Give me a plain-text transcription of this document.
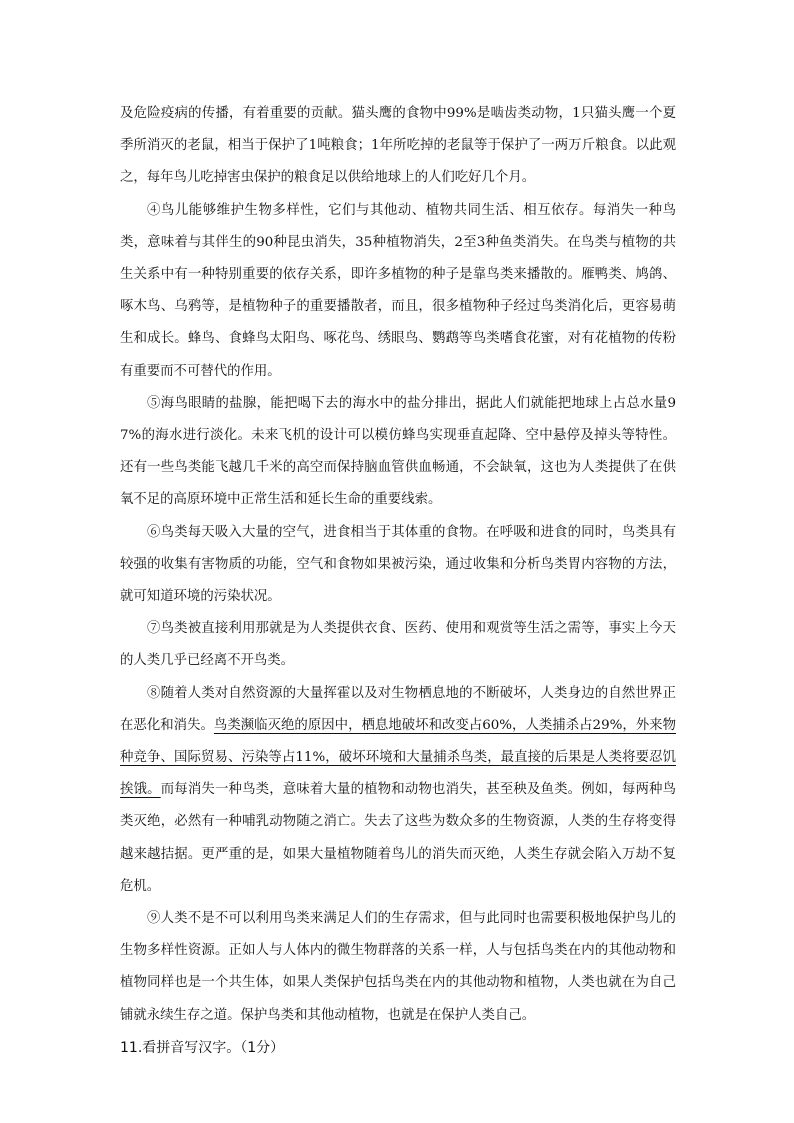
及危险疫病的传播，有着重要的贡献。猫头鹰的食物中99%是啮齿类动物，1只猫头鹰一个夏季所消灭的老鼠，相当于保护了1吨粮食；1年所吃掉的老鼠等于保护了一两万斤粮食。以此观之，每年鸟儿吃掉害虫保护的粮食足以供给地球上的人们吃好几个月。

④鸟儿能够维护生物多样性，它们与其他动、植物共同生活、相互依存。每消失一种鸟类，意味着与其伴生的90种昆虫消失，35种植物消失，2至3种鱼类消失。在鸟类与植物的共生关系中有一种特别重要的依存关系，即许多植物的种子是靠鸟类来播散的。雁鸭类、鸠鸽、啄木鸟、乌鸦等，是植物种子的重要播散者，而且，很多植物种子经过鸟类消化后，更容易萌生和成长。蜂鸟、食蜂鸟太阳鸟、啄花鸟、绣眼鸟、鹦鹉等鸟类嗜食花蜜，对有花植物的传粉有重要而不可替代的作用。

⑤海鸟眼睛的盐腺，能把喝下去的海水中的盐分排出，据此人们就能把地球上占总水量97%的海水进行淡化。未来飞机的设计可以模仿蜂鸟实现垂直起降、空中悬停及掉头等特性。还有一些鸟类能飞越几千米的高空而保持脑血管供血畅通，不会缺氧，这也为人类提供了在供氧不足的高原环境中正常生活和延长生命的重要线索。

⑥鸟类每天吸入大量的空气，进食相当于其体重的食物。在呼吸和进食的同时，鸟类具有较强的收集有害物质的功能，空气和食物如果被污染，通过收集和分析鸟类胃内容物的方法，就可知道环境的污染状况。

⑦鸟类被直接利用那就是为人类提供衣食、医药、使用和观赏等生活之需等，事实上今天的人类几乎已经离不开鸟类。

⑧随着人类对自然资源的大量挥霍以及对生物栖息地的不断破坏，人类身边的自然世界正在恶化和消失。鸟类濒临灭绝的原因中，栖息地破坏和改变占60%，人类捕杀占29%，外来物种竞争、国际贸易、污染等占11%，破坏环境和大量捕杀鸟类，最直接的后果是人类将要忍饥挨饿。而每消失一种鸟类，意味着大量的植物和动物也消失，甚至秧及鱼类。例如，每两种鸟类灭绝，必然有一种哺乳动物随之消亡。失去了这些为数众多的生物资源，人类的生存将变得越来越拮据。更严重的是，如果大量植物随着鸟儿的消失而灭绝，人类生存就会陷入万劫不复危机。

⑨人类不是不可以利用鸟类来满足人们的生存需求，但与此同时也需要积极地保护鸟儿的生物多样性资源。正如人与人体内的微生物群落的关系一样，人与包括鸟类在内的其他动物和植物同样也是一个共生体，如果人类保护包括鸟类在内的其他动物和植物，人类也就在为自己铺就永续生存之道。保护鸟类和其他动植物，也就是在保护人类自己。

11.看拼音写汉字。（1分）
